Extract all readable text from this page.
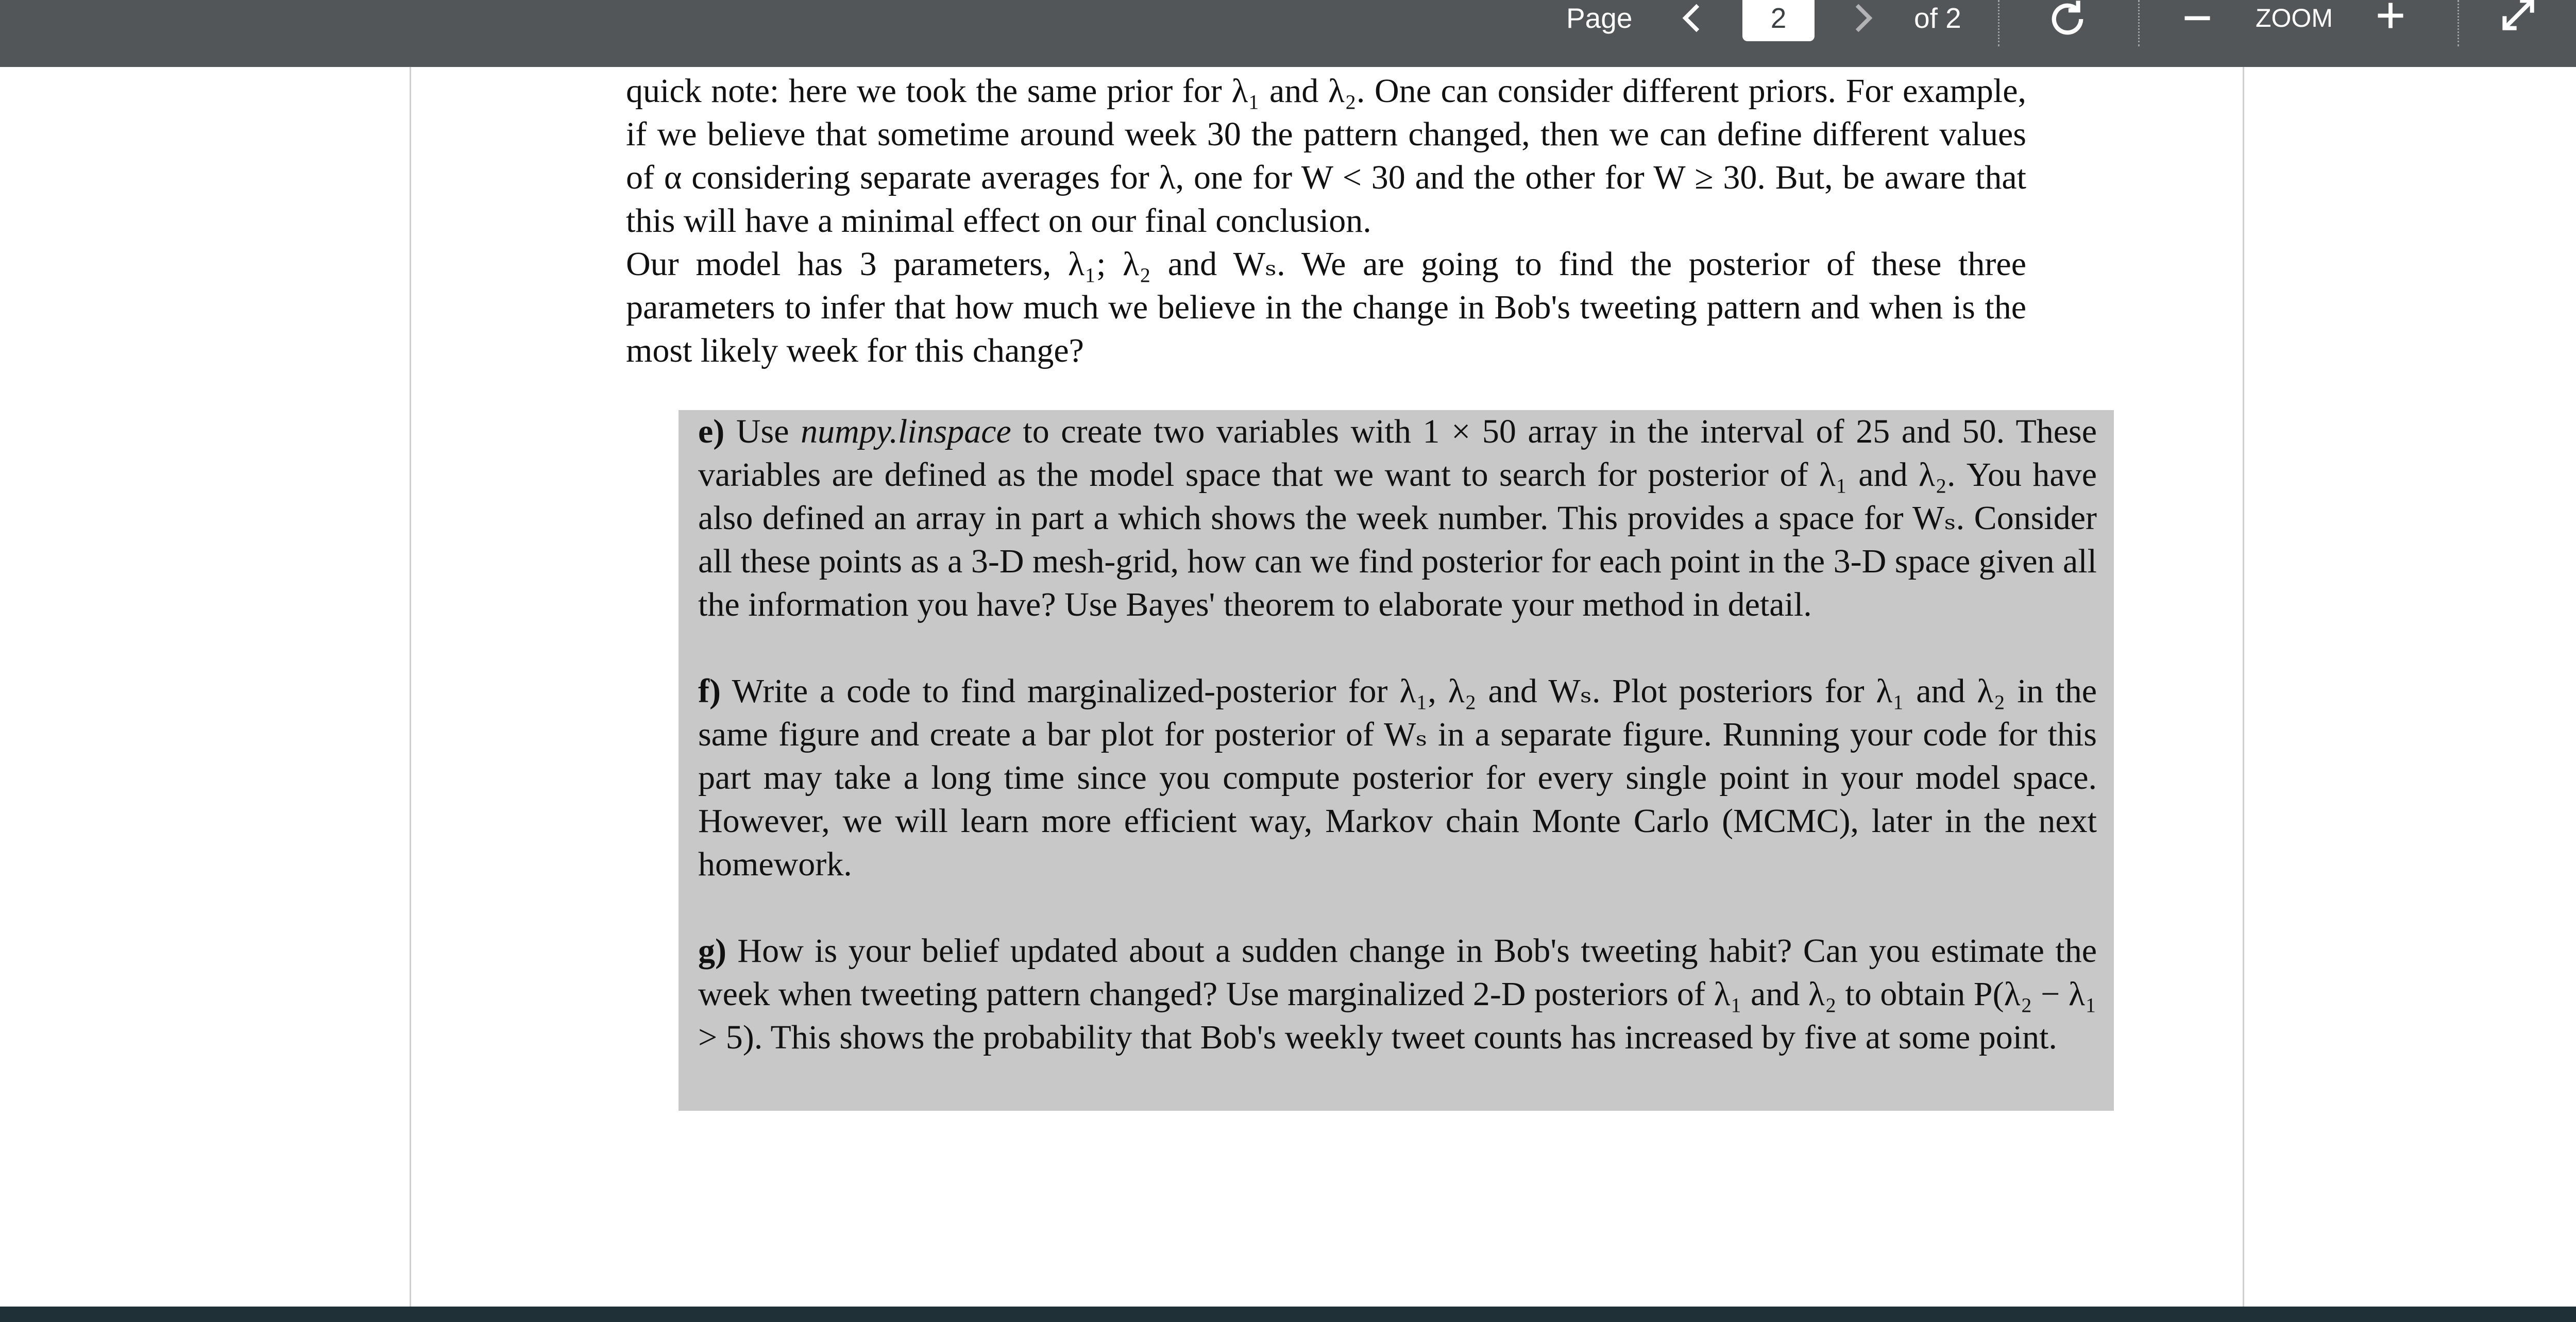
Page
2	of 2	ZOOM

quick note: here we took the same prior for λ₁ and λ₂. One can consider different priors. For example, if we believe that sometime around week 30 the pattern changed, then we can define different values of α considering separate averages for λ, one for W < 30 and the other for W ≥ 30. But, be aware that this will have a minimal effect on our final conclusion.

Our model has 3 parameters, λ₁; λ₂ and Wₛ. We are going to find the posterior of these three parameters to infer that how much we believe in the change in Bob's tweeting pattern and when is the most likely week for this change?

e) Use numpy.linspace to create two variables with 1 × 50 array in the interval of 25 and 50. These variables are defined as the model space that we want to search for posterior of λ₁ and λ₂. You have also defined an array in part a which shows the week number. This provides a space for Wₛ. Consider all these points as a 3-D mesh-grid, how can we find posterior for each point in the 3-D space given all the information you have? Use Bayes' theorem to elaborate your method in detail.

f) Write a code to find marginalized-posterior for λ₁, λ₂ and Wₛ. Plot posteriors for λ₁ and λ₂ in the same figure and create a bar plot for posterior of Wₛ in a separate figure. Running your code for this part may take a long time since you compute posterior for every single point in your model space. However, we will learn more efficient way, Markov chain Monte Carlo (MCMC), later in the next homework.

g) How is your belief updated about a sudden change in Bob's tweeting habit? Can you estimate the week when tweeting pattern changed? Use marginalized 2-D posteriors of λ₁ and λ₂ to obtain P(λ₂ − λ₁ > 5). This shows the probability that Bob's weekly tweet counts has increased by five at some point.
